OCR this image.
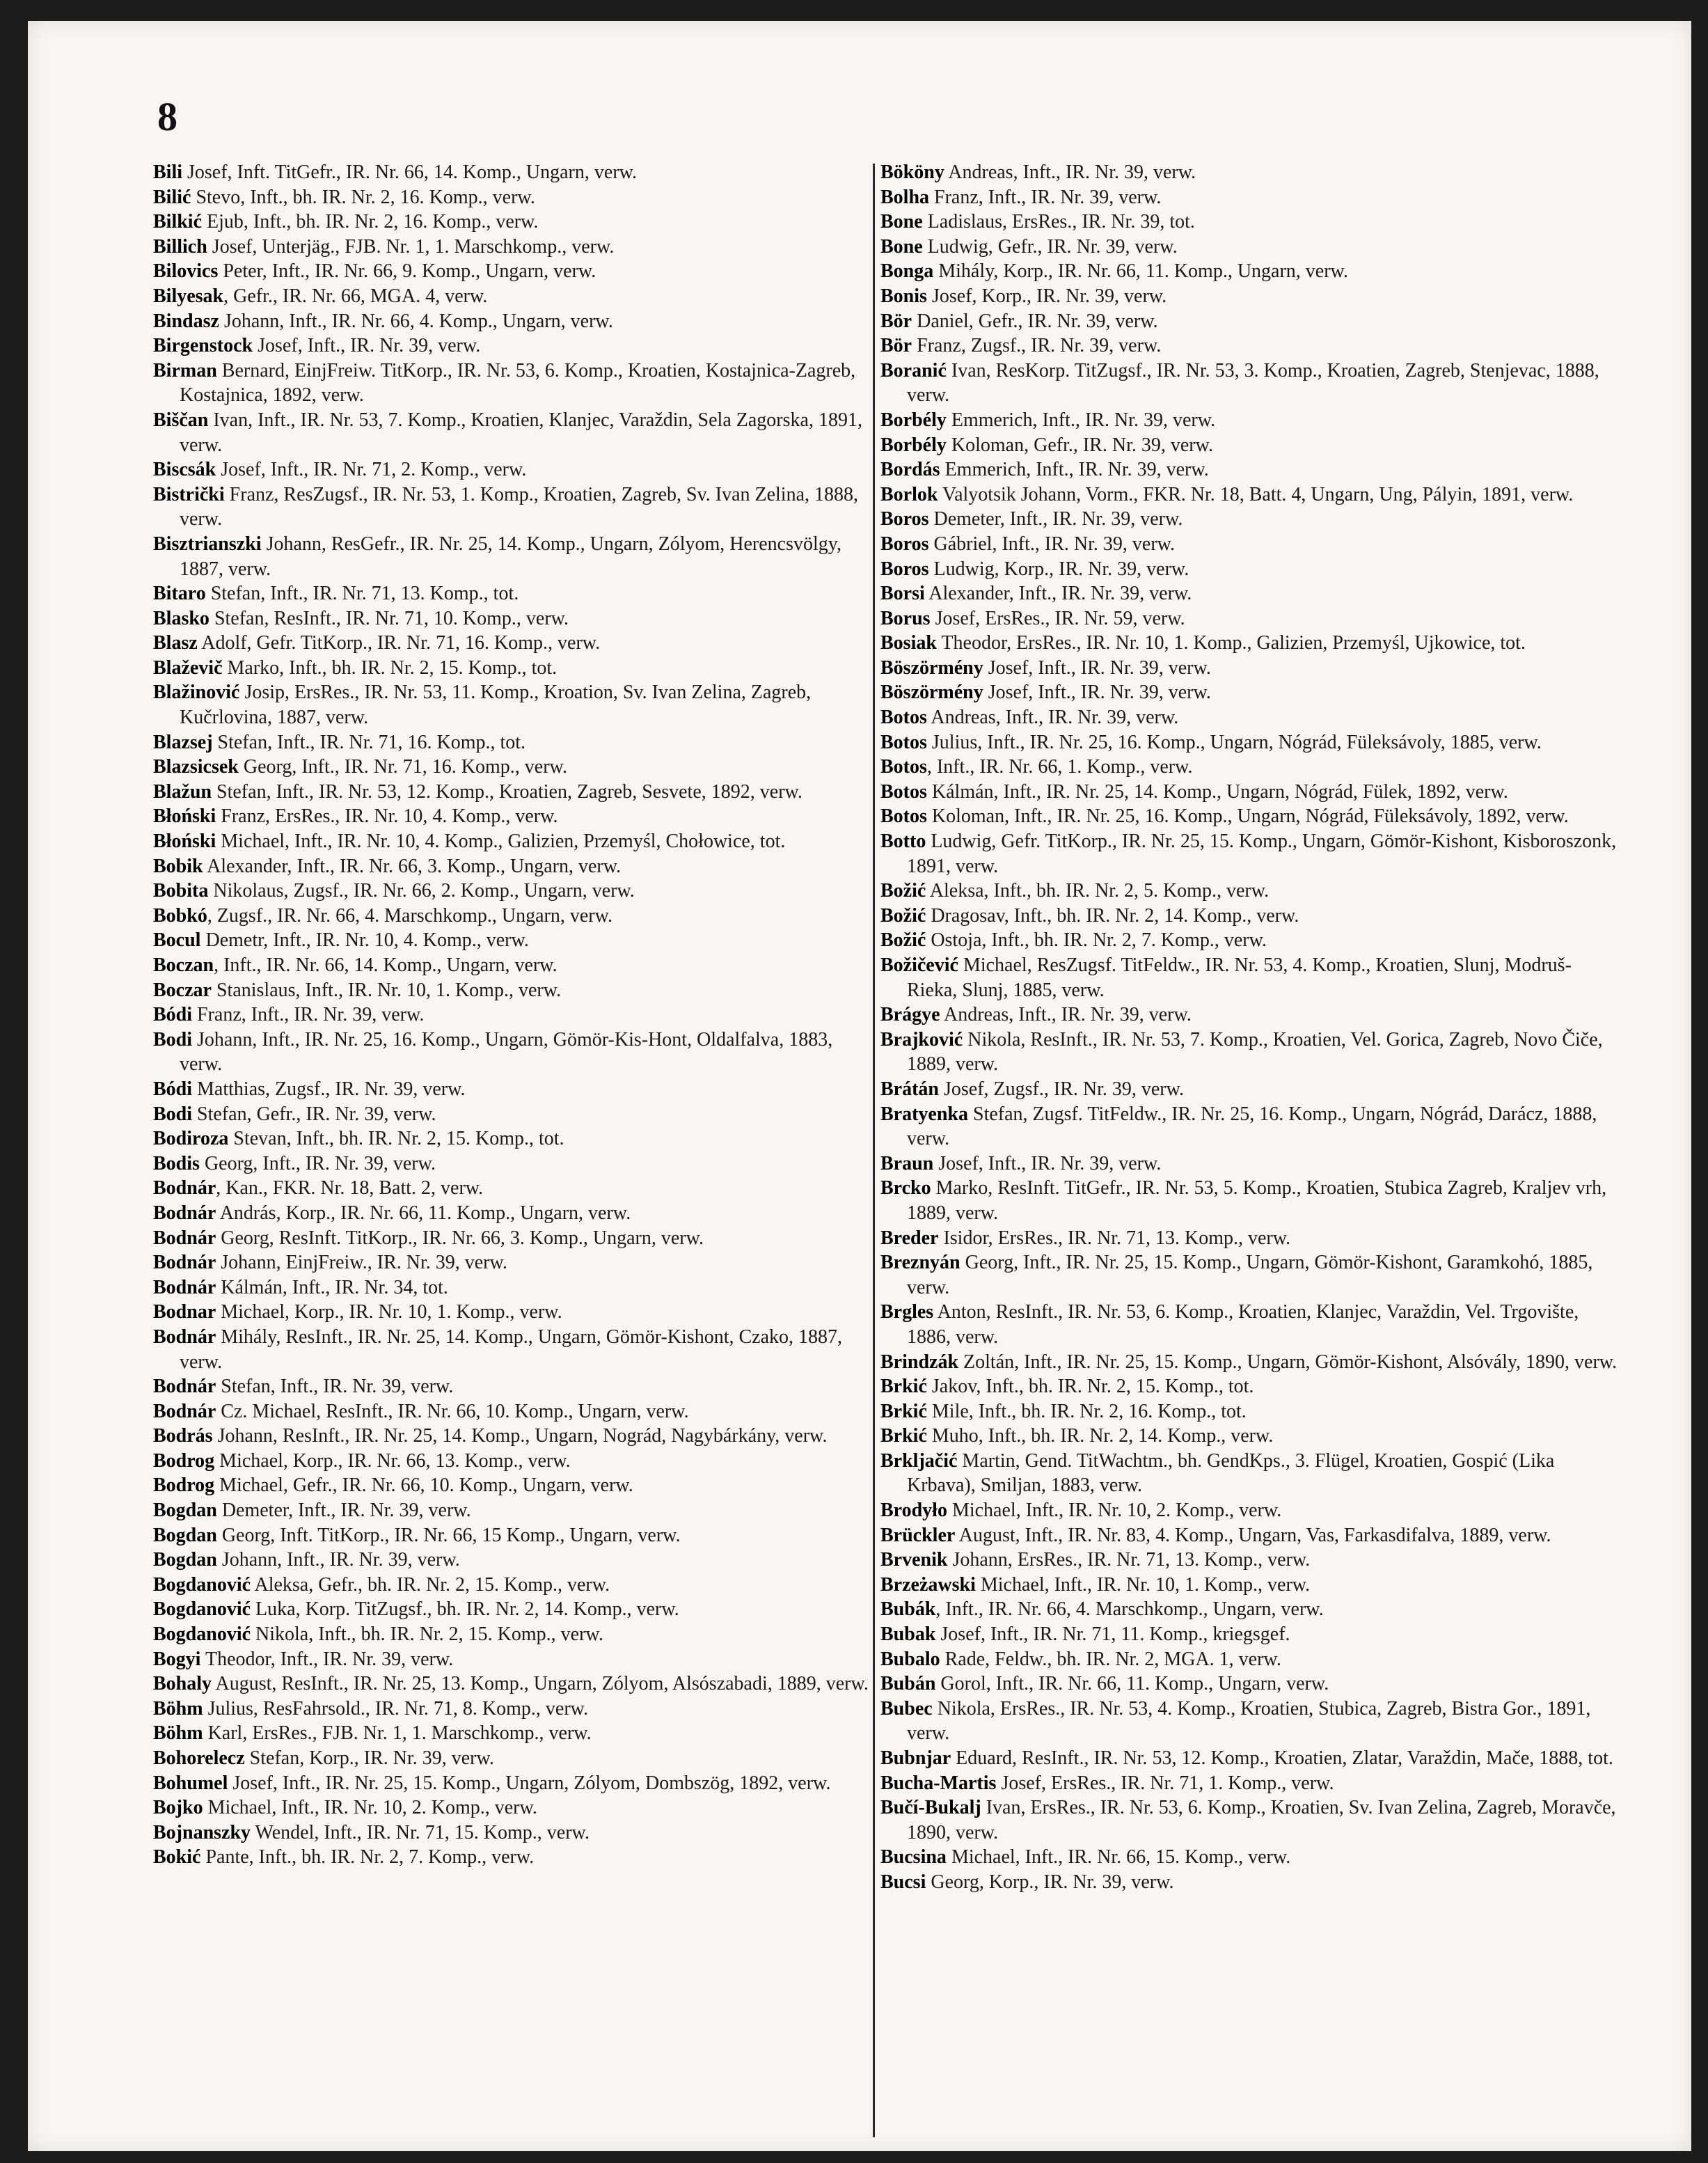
8

Bili Josef, Inft. TitGefr., IR. Nr. 66, 14. Komp., Ungarn, verw.

Bilić Stevo, Inft., bh. IR. Nr. 2, 16. Komp., verw.

Bilkić Ejub, Inft., bh. IR. Nr. 2, 16. Komp., verw.

Billich Josef, Unterjäg., FJB. Nr. 1, 1. Marschkomp., verw.

Bilovics Peter, Inft., IR. Nr. 66, 9. Komp., Ungarn, verw.

Bilyesak, Gefr., IR. Nr. 66, MGA. 4, verw.

Bindasz Johann, Inft., IR. Nr. 66, 4. Komp., Ungarn, verw.

Birgenstock Josef, Inft., IR. Nr. 39, verw.

Birman Bernard, EinjFreiw. TitKorp., IR. Nr. 53, 6. Komp., Kroatien, Kostajnica-Zagreb, Kostajnica, 1892, verw.

Biščan Ivan, Inft., IR. Nr. 53, 7. Komp., Kroatien, Klanjec, Varaždin, Sela Zagorska, 1891, verw.

Biscsák Josef, Inft., IR. Nr. 71, 2. Komp., verw.

Bistrički Franz, ResZugsf., IR. Nr. 53, 1. Komp., Kroatien, Zagreb, Sv. Ivan Zelina, 1888, verw.

Bisztrianszki Johann, ResGefr., IR. Nr. 25, 14. Komp., Ungarn, Zólyom, Herencsvölgy, 1887, verw.

Bitaro Stefan, Inft., IR. Nr. 71, 13. Komp., tot.

Blasko Stefan, ResInft., IR. Nr. 71, 10. Komp., verw.

Blasz Adolf, Gefr. TitKorp., IR. Nr. 71, 16. Komp., verw.

Blaževič Marko, Inft., bh. IR. Nr. 2, 15. Komp., tot.

Blažinović Josip, ErsRes., IR. Nr. 53, 11. Komp., Kroation, Sv. Ivan Zelina, Zagreb, Kučrlovina, 1887, verw.

Blazsej Stefan, Inft., IR. Nr. 71, 16. Komp., tot.

Blazsicsek Georg, Inft., IR. Nr. 71, 16. Komp., verw.

Blažun Stefan, Inft., IR. Nr. 53, 12. Komp., Kroatien, Zagreb, Sesvete, 1892, verw.

Błoński Franz, ErsRes., IR. Nr. 10, 4. Komp., verw.

Błoński Michael, Inft., IR. Nr. 10, 4. Komp., Galizien, Przemyśl, Chołowice, tot.

Bobik Alexander, Inft., IR. Nr. 66, 3. Komp., Ungarn, verw.

Bobita Nikolaus, Zugsf., IR. Nr. 66, 2. Komp., Ungarn, verw.

Bobkó, Zugsf., IR. Nr. 66, 4. Marschkomp., Ungarn, verw.

Bocul Demetr, Inft., IR. Nr. 10, 4. Komp., verw.

Boczan, Inft., IR. Nr. 66, 14. Komp., Ungarn, verw.

Boczar Stanislaus, Inft., IR. Nr. 10, 1. Komp., verw.

Bódi Franz, Inft., IR. Nr. 39, verw.

Bodi Johann, Inft., IR. Nr. 25, 16. Komp., Ungarn, Gömör-Kis-Hont, Oldalfalva, 1883, verw.

Bódi Matthias, Zugsf., IR. Nr. 39, verw.

Bodi Stefan, Gefr., IR. Nr. 39, verw.

Bodiroza Stevan, Inft., bh. IR. Nr. 2, 15. Komp., tot.

Bodis Georg, Inft., IR. Nr. 39, verw.

Bodnár, Kan., FKR. Nr. 18, Batt. 2, verw.

Bodnár András, Korp., IR. Nr. 66, 11. Komp., Ungarn, verw.

Bodnár Georg, ResInft. TitKorp., IR. Nr. 66, 3. Komp., Ungarn, verw.

Bodnár Johann, EinjFreiw., IR. Nr. 39, verw.

Bodnár Kálmán, Inft., IR. Nr. 34, tot.

Bodnar Michael, Korp., IR. Nr. 10, 1. Komp., verw.

Bodnár Mihály, ResInft., IR. Nr. 25, 14. Komp., Ungarn, Gömör-Kishont, Czako, 1887, verw.

Bodnár Stefan, Inft., IR. Nr. 39, verw.

Bodnár Cz. Michael, ResInft., IR. Nr. 66, 10. Komp., Ungarn, verw.

Bodrás Johann, ResInft., IR. Nr. 25, 14. Komp., Ungarn, Nográd, Nagybárkány, verw.

Bodrog Michael, Korp., IR. Nr. 66, 13. Komp., verw.

Bodrog Michael, Gefr., IR. Nr. 66, 10. Komp., Ungarn, verw.

Bogdan Demeter, Inft., IR. Nr. 39, verw.

Bogdan Georg, Inft. TitKorp., IR. Nr. 66, 15 Komp., Ungarn, verw.

Bogdan Johann, Inft., IR. Nr. 39, verw.

Bogdanović Aleksa, Gefr., bh. IR. Nr. 2, 15. Komp., verw.

Bogdanović Luka, Korp. TitZugsf., bh. IR. Nr. 2, 14. Komp., verw.

Bogdanović Nikola, Inft., bh. IR. Nr. 2, 15. Komp., verw.

Bogyi Theodor, Inft., IR. Nr. 39, verw.

Bohaly August, ResInft., IR. Nr. 25, 13. Komp., Ungarn, Zólyom, Alsószabadi, 1889, verw.

Böhm Julius, ResFahrsold., IR. Nr. 71, 8. Komp., verw.

Böhm Karl, ErsRes., FJB. Nr. 1, 1. Marschkomp., verw.

Bohorelecz Stefan, Korp., IR. Nr. 39, verw.

Bohumel Josef, Inft., IR. Nr. 25, 15. Komp., Ungarn, Zólyom, Dombszög, 1892, verw.

Bojko Michael, Inft., IR. Nr. 10, 2. Komp., verw.

Bojnanszky Wendel, Inft., IR. Nr. 71, 15. Komp., verw.

Bokić Pante, Inft., bh. IR. Nr. 2, 7. Komp., verw.

Bököny Andreas, Inft., IR. Nr. 39, verw.

Bolha Franz, Inft., IR. Nr. 39, verw.

Bone Ladislaus, ErsRes., IR. Nr. 39, tot.

Bone Ludwig, Gefr., IR. Nr. 39, verw.

Bonga Mihály, Korp., IR. Nr. 66, 11. Komp., Ungarn, verw.

Bonis Josef, Korp., IR. Nr. 39, verw.

Bör Daniel, Gefr., IR. Nr. 39, verw.

Bör Franz, Zugsf., IR. Nr. 39, verw.

Boranić Ivan, ResKorp. TitZugsf., IR. Nr. 53, 3. Komp., Kroatien, Zagreb, Stenjevac, 1888, verw.

Borbély Emmerich, Inft., IR. Nr. 39, verw.

Borbély Koloman, Gefr., IR. Nr. 39, verw.

Bordás Emmerich, Inft., IR. Nr. 39, verw.

Borlok Valyotsik Johann, Vorm., FKR. Nr. 18, Batt. 4, Ungarn, Ung, Pályin, 1891, verw.

Boros Demeter, Inft., IR. Nr. 39, verw.

Boros Gábriel, Inft., IR. Nr. 39, verw.

Boros Ludwig, Korp., IR. Nr. 39, verw.

Borsi Alexander, Inft., IR. Nr. 39, verw.

Borus Josef, ErsRes., IR. Nr. 59, verw.

Bosiak Theodor, ErsRes., IR. Nr. 10, 1. Komp., Galizien, Przemyśl, Ujkowice, tot.

Böszörmény Josef, Inft., IR. Nr. 39, verw.

Böszörmény Josef, Inft., IR. Nr. 39, verw.

Botos Andreas, Inft., IR. Nr. 39, verw.

Botos Julius, Inft., IR. Nr. 25, 16. Komp., Ungarn, Nógrád, Füleksávoly, 1885, verw.

Botos, Inft., IR. Nr. 66, 1. Komp., verw.

Botos Kálmán, Inft., IR. Nr. 25, 14. Komp., Ungarn, Nógrád, Fülek, 1892, verw.

Botos Koloman, Inft., IR. Nr. 25, 16. Komp., Ungarn, Nógrád, Füleksávoly, 1892, verw.

Botto Ludwig, Gefr. TitKorp., IR. Nr. 25, 15. Komp., Ungarn, Gömör-Kishont, Kisboroszonk, 1891, verw.

Božić Aleksa, Inft., bh. IR. Nr. 2, 5. Komp., verw.

Božić Dragosav, Inft., bh. IR. Nr. 2, 14. Komp., verw.

Božić Ostoja, Inft., bh. IR. Nr. 2, 7. Komp., verw.

Božičević Michael, ResZugsf. TitFeldw., IR. Nr. 53, 4. Komp., Kroatien, Slunj, Modruš-Rieka, Slunj, 1885, verw.

Brágye Andreas, Inft., IR. Nr. 39, verw.

Brajković Nikola, ResInft., IR. Nr. 53, 7. Komp., Kroatien, Vel. Gorica, Zagreb, Novo Čiče, 1889, verw.

Brátán Josef, Zugsf., IR. Nr. 39, verw.

Bratyenka Stefan, Zugsf. TitFeldw., IR. Nr. 25, 16. Komp., Ungarn, Nógrád, Darácz, 1888, verw.

Braun Josef, Inft., IR. Nr. 39, verw.

Brcko Marko, ResInft. TitGefr., IR. Nr. 53, 5. Komp., Kroatien, Stubica Zagreb, Kraljev vrh, 1889, verw.

Breder Isidor, ErsRes., IR. Nr. 71, 13. Komp., verw.

Breznyán Georg, Inft., IR. Nr. 25, 15. Komp., Ungarn, Gömör-Kishont, Garamkohó, 1885, verw.

Brgles Anton, ResInft., IR. Nr. 53, 6. Komp., Kroatien, Klanjec, Varaždin, Vel. Trgovište, 1886, verw.

Brindzák Zoltán, Inft., IR. Nr. 25, 15. Komp., Ungarn, Gömör-Kishont, Alsóvály, 1890, verw.

Brkić Jakov, Inft., bh. IR. Nr. 2, 15. Komp., tot.

Brkić Mile, Inft., bh. IR. Nr. 2, 16. Komp., tot.

Brkić Muho, Inft., bh. IR. Nr. 2, 14. Komp., verw.

Brkljačić Martin, Gend. TitWachtm., bh. GendKps., 3. Flügel, Kroatien, Gospić (Lika Krbava), Smiljan, 1883, verw.

Brodyło Michael, Inft., IR. Nr. 10, 2. Komp., verw.

Brückler August, Inft., IR. Nr. 83, 4. Komp., Ungarn, Vas, Farkasdifalva, 1889, verw.

Brvenik Johann, ErsRes., IR. Nr. 71, 13. Komp., verw.

Brzeżawski Michael, Inft., IR. Nr. 10, 1. Komp., verw.

Bubák, Inft., IR. Nr. 66, 4. Marschkomp., Ungarn, verw.

Bubak Josef, Inft., IR. Nr. 71, 11. Komp., kriegsgef.

Bubalo Rade, Feldw., bh. IR. Nr. 2, MGA. 1, verw.

Bubán Gorol, Inft., IR. Nr. 66, 11. Komp., Ungarn, verw.

Bubec Nikola, ErsRes., IR. Nr. 53, 4. Komp., Kroatien, Stubica, Zagreb, Bistra Gor., 1891, verw.

Bubnjar Eduard, ResInft., IR. Nr. 53, 12. Komp., Kroatien, Zlatar, Varaždin, Mače, 1888, tot.

Bucha-Martis Josef, ErsRes., IR. Nr. 71, 1. Komp., verw.

Bučí-Bukalj Ivan, ErsRes., IR. Nr. 53, 6. Komp., Kroatien, Sv. Ivan Zelina, Zagreb, Moravče, 1890, verw.

Bucsina Michael, Inft., IR. Nr. 66, 15. Komp., verw.

Bucsi Georg, Korp., IR. Nr. 39, verw.
